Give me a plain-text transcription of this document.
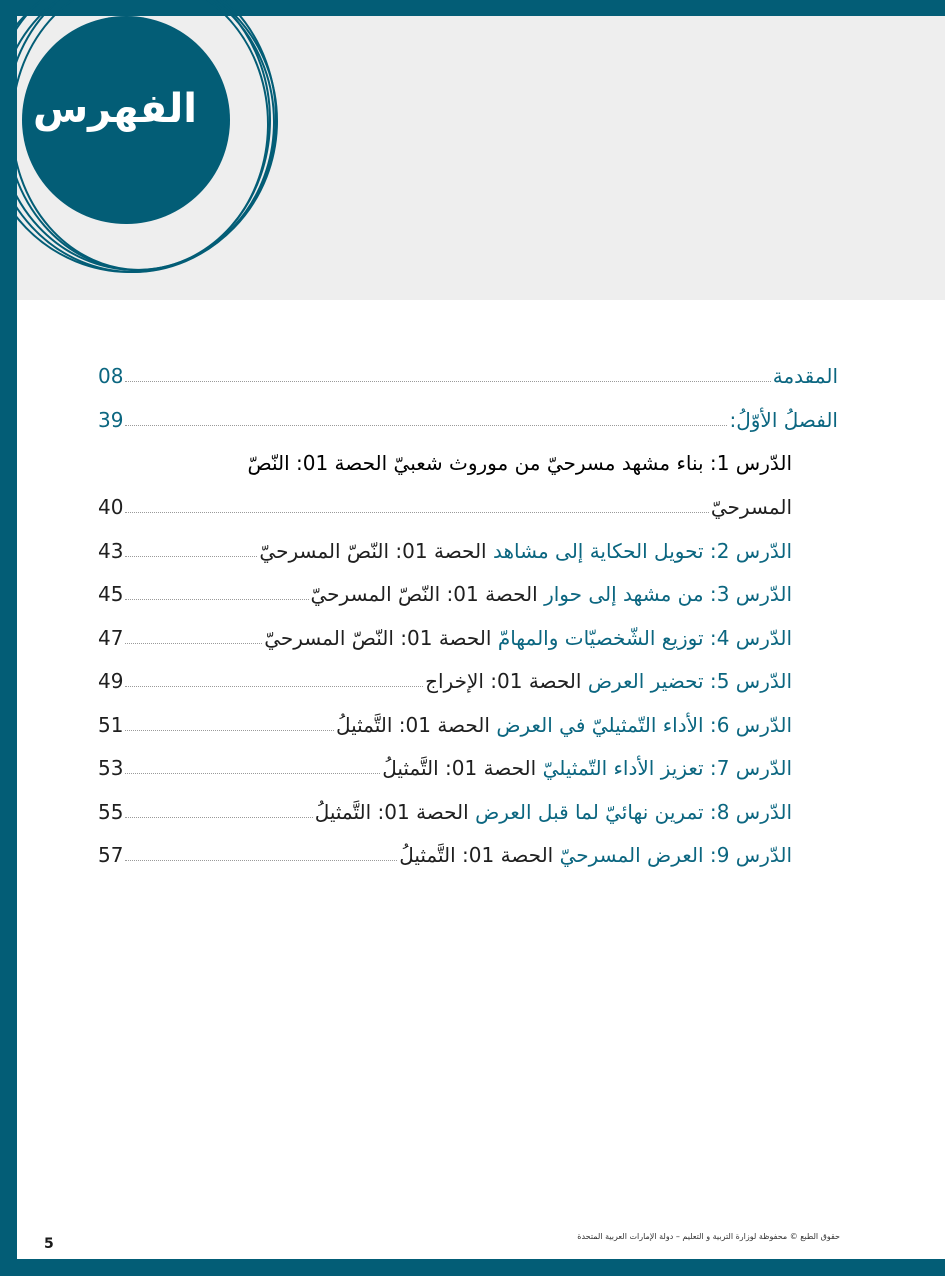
الفهرس
المقدمة
08
الفصلُ الأوّلُ:
39
الدّرس 1: بناء مشهد مسرحيّ من موروث شعبيّ الحصة 01: النّصّ
المسرحيّ
40
الدّرس 2: تحويل الحكاية إلى مشاهد الحصة 01: النّصّ المسرحيّ
43
الدّرس 3: من مشهد إلى حوار الحصة 01: النّصّ المسرحيّ
45
الدّرس 4: توزيع الشّخصيّات والمهامّ الحصة 01: النّصّ المسرحيّ
47
الدّرس 5: تحضير العرض الحصة 01: الإخراج
49
الدّرس 6: الأداء التّمثيليّ في العرض الحصة 01: التَّمثيلُ
51
الدّرس 7: تعزيز الأداء التّمثيليّ الحصة 01: التَّمثيلُ
53
الدّرس 8: تمرين نهائيّ لما قبل العرض الحصة 01: التَّمثيلُ
55
الدّرس 9: العرض المسرحيّ الحصة 01: التَّمثيلُ
57
5	حقوق الطبع © محفوظة لوزارة التربية و التعليم – دولة الإمارات العربية المتحدة
